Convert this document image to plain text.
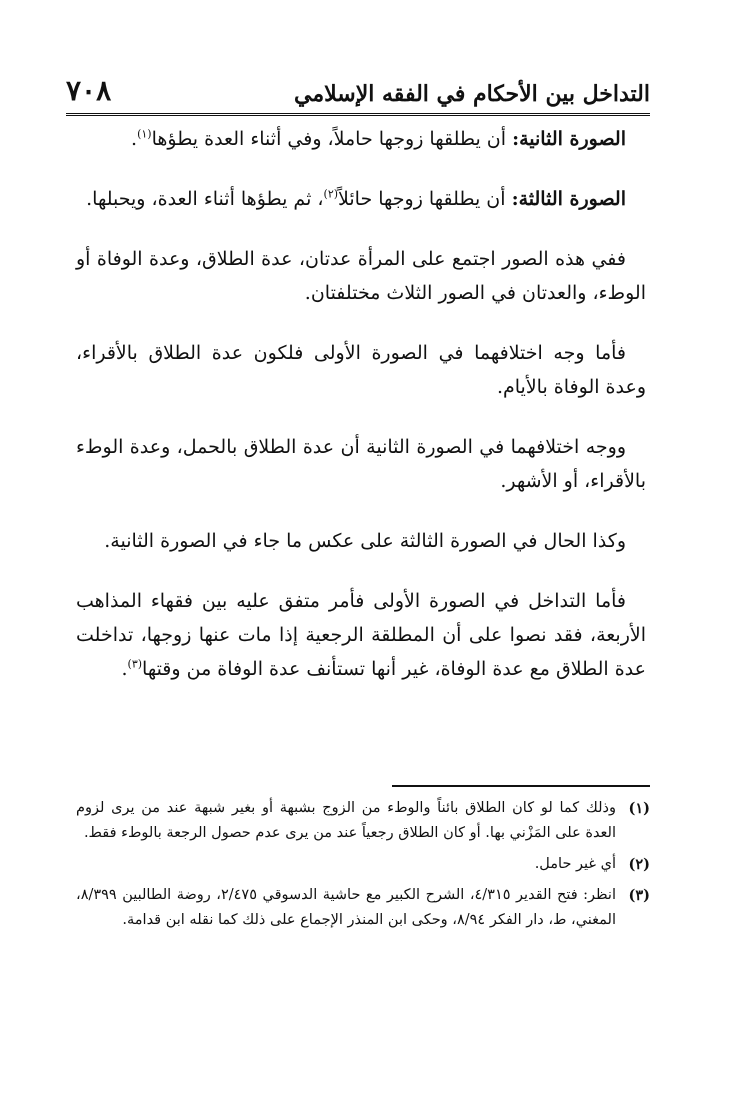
التداخل بين الأحكام في الفقه الإسلامي
٧٠٨

الصورة الثانية: أن يطلقها زوجها حاملاً، وفي أثناء العدة يطؤها$^{(١)}$.

الصورة الثالثة: أن يطلقها زوجها حائلاً$^{(٢)}$، ثم يطؤها أثناء العدة، ويحبلها.

ففي هذه الصور اجتمع على المرأة عدتان، عدة الطلاق، وعدة الوفاة أو الوطء، والعدتان في الصور الثلاث مختلفتان.

فأما وجه اختلافهما في الصورة الأولى فلكون عدة الطلاق بالأقراء، وعدة الوفاة بالأيام.

ووجه اختلافهما في الصورة الثانية أن عدة الطلاق بالحمل، وعدة الوطء بالأقراء، أو الأشهر.

وكذا الحال في الصورة الثالثة على عكس ما جاء في الصورة الثانية.

فأما التداخل في الصورة الأولى فأمر متفق عليه بين فقهاء المذاهب الأربعة، فقد نصوا على أن المطلقة الرجعية إذا مات عنها زوجها، تداخلت عدة الطلاق مع عدة الوفاة، غير أنها تستأنف عدة الوفاة من وقتها$^{(٣)}$.

(١)
وذلك كما لو كان الطلاق بائناً والوطء من الزوج بشبهة أو بغير شبهة عند من يرى لزوم العدة على المَزْني بها. أو كان الطلاق رجعياً عند من يرى عدم حصول الرجعة بالوطء فقط.
(٢)
أي غير حامل.
(٣)
انظر: فتح القدير ٤/٣١٥، الشرح الكبير مع حاشية الدسوقي ٢/٤٧٥، روضة الطالبين ٨/٣٩٩، المغني، ط، دار الفكر ٨/٩٤، وحكى ابن المنذر الإجماع على ذلك كما نقله ابن قدامة.
